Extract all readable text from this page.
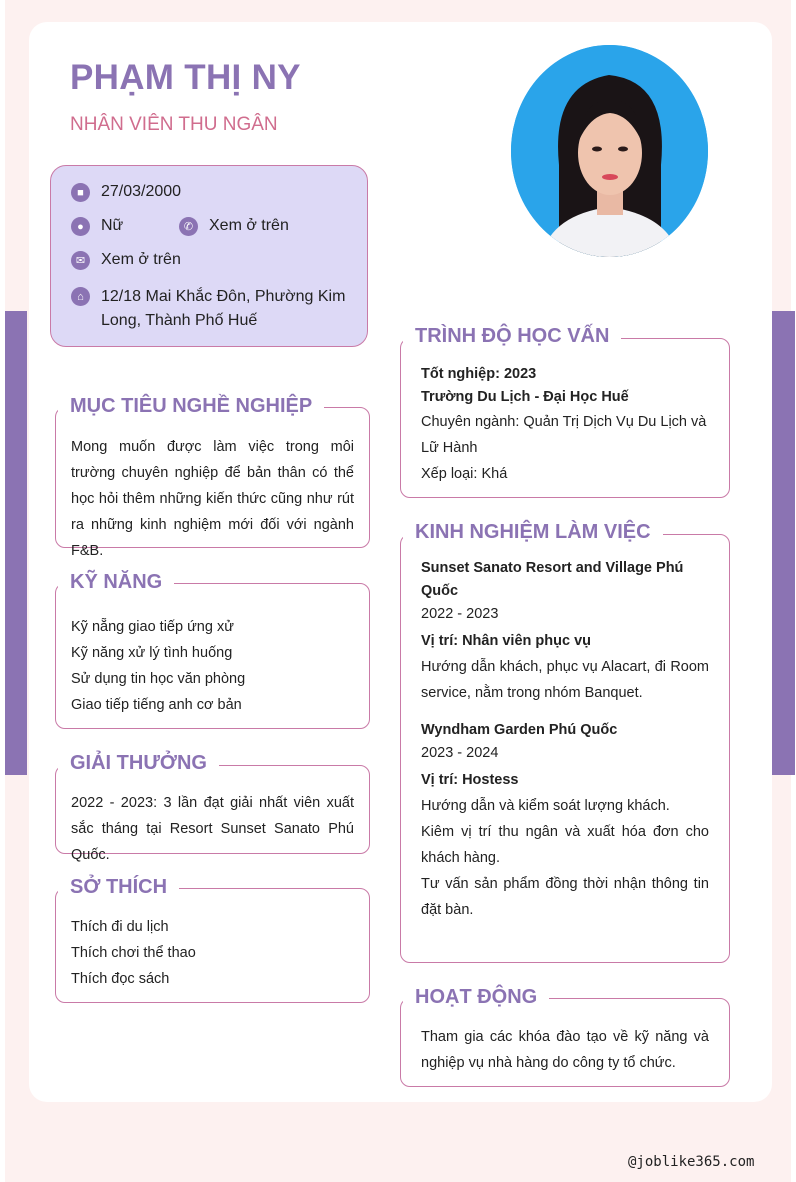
PHẠM THỊ NY
NHÂN VIÊN THU NGÂN
■	27/03/2000
●	Nữ	✆ Xem ở trên
✉ Xem ở trên
⌂	12/18 Mai Khắc Đôn, Phường Kim
Long, Thành Phố Huế
Mong muốn được làm việc trong môi trường chuyên nghiệp để bản thân có thể học hỏi thêm những kiến thức cũng như rút ra những kinh nghiệm mới đối với ngành F&B.
MỤC TIÊU NGHỀ NGHIỆP
Kỹ nẵng giao tiếp ứng xử
Kỹ năng xử lý tình huống
Sử dụng tin học văn phòng
Giao tiếp tiếng anh cơ bản
KỸ NĂNG
2022 - 2023: 3 lần đạt giải nhất viên xuất sắc tháng tại Resort Sunset Sanato Phú Quốc.
GIẢI THƯỞNG
Thích đi du lịch
Thích chơi thể thao
Thích đọc sách
SỞ THÍCH
Tốt nghiệp: 2023
Trường Du Lịch - Đại Học Huế
Chuyên ngành: Quản Trị Dịch Vụ Du Lịch và Lữ Hành
Xếp loại: Khá
TRÌNH ĐỘ HỌC VẤN
Sunset Sanato Resort and Village Phú Quốc
2022 - 2023
Vị trí: Nhân viên phục vụ
Hướng dẫn khách, phục vụ Alacart, đi Room service, nằm trong nhóm Banquet.
Wyndham Garden Phú Quốc
2023 - 2024
Vị trí: Hostess
Hướng dẫn và kiểm soát lượng khách.
Kiêm vị trí thu ngân và xuất hóa đơn cho khách hàng.
Tư vấn sản phẩm đồng thời nhận thông tin đặt bàn.
KINH NGHIỆM LÀM VIỆC
Tham gia các khóa đào tạo về kỹ năng và nghiệp vụ nhà hàng do công ty tổ chức.
HOẠT ĐỘNG
@joblike365.com
